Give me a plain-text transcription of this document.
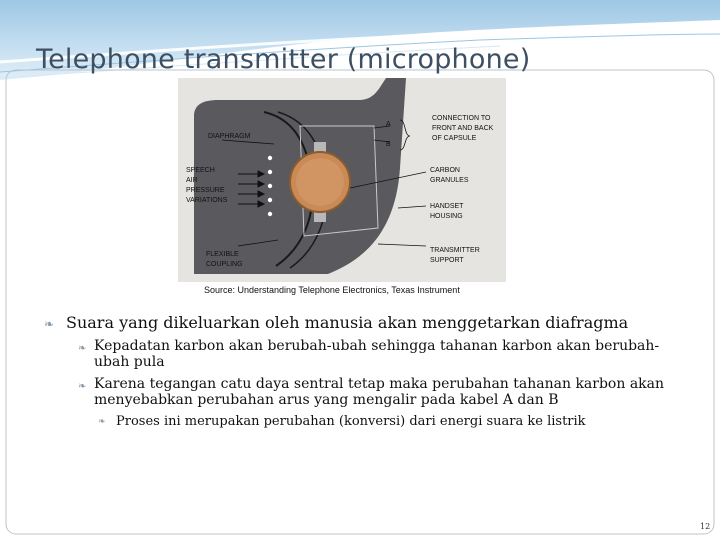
Telephone transmitter (microphone)
DIAPHRAGM
SPEECH
AIR
PRESSURE
VARIATIONS
FLEXIBLE
COUPLING
A
B
CONNECTION TO
FRONT AND BACK
OF CAPSULE
CARBON
GRANULES
HANDSET
HOUSING
TRANSMITTER
SUPPORT
Source: Understanding Telephone Electronics, Texas Instrument
❧ Suara yang dikeluarkan oleh manusia akan menggetarkan diafragma
❧ Kepadatan karbon akan berubah-ubah sehingga tahanan karbon akan berubah-ubah pula
❧ Karena tegangan catu daya sentral tetap maka perubahan tahanan karbon akan menyebabkan perubahan arus yang mengalir pada kabel A dan B
❧ Proses ini merupakan perubahan (konversi) dari energi suara ke listrik
12
